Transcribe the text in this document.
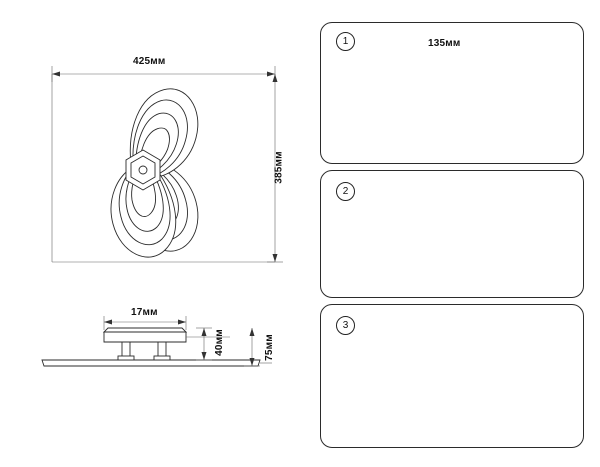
1
2
3
425мм
385мм
17мм
40мм	75мм
135мм
